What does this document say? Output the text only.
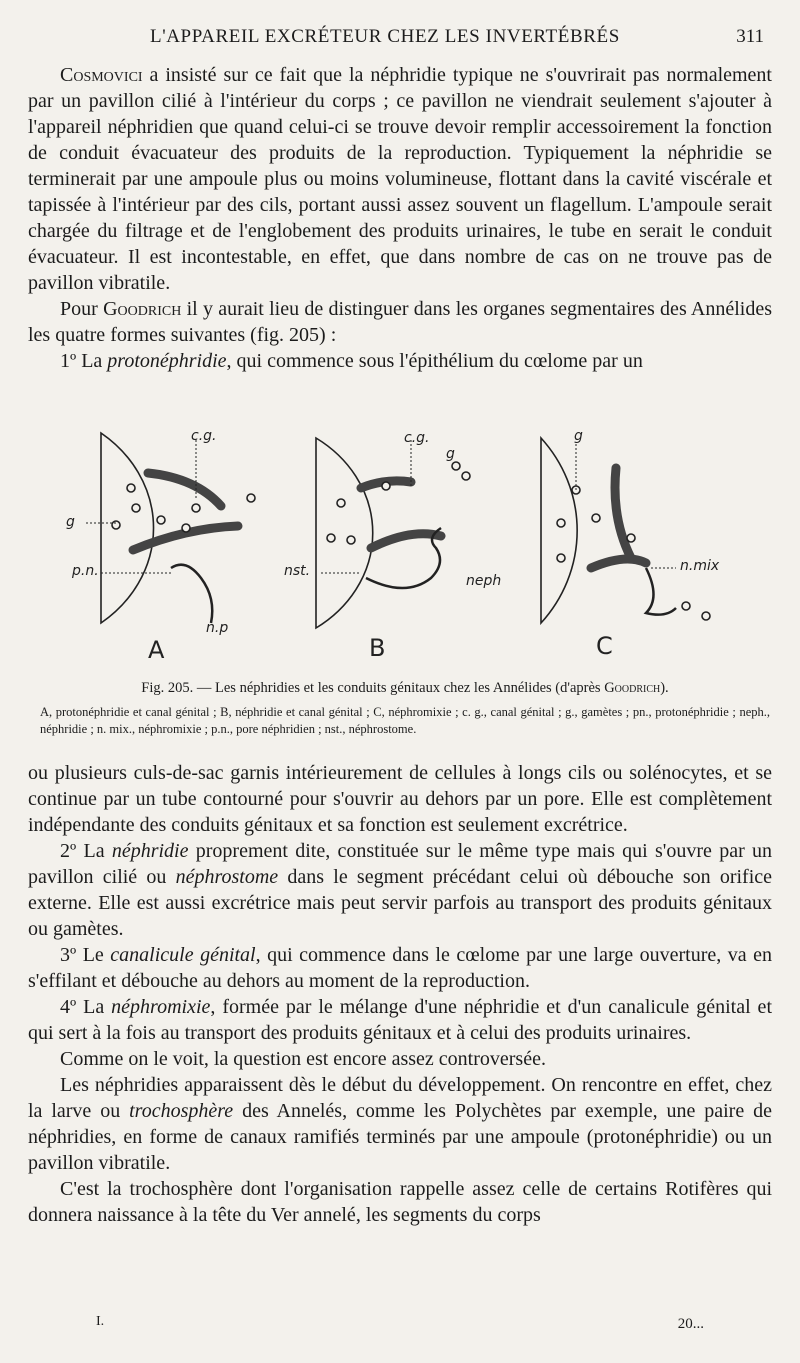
L'APPAREIL EXCRÉTEUR CHEZ LES INVERTÉBRÉS	311

Cosmovici a insisté sur ce fait que la néphridie typique ne s'ouvrirait pas normalement par un pavillon cilié à l'intérieur du corps ; ce pavillon ne viendrait seulement s'ajouter à l'appareil néphridien que quand celui-ci se trouve devoir remplir accessoirement la fonction de conduit évacuateur des produits de la reproduction. Typiquement la néphridie se terminerait par une ampoule plus ou moins volumineuse, flottant dans la cavité viscérale et tapissée à l'intérieur par des cils, portant aussi assez souvent un flagellum. L'ampoule serait chargée du filtrage et de l'englobement des produits urinaires, le tube en serait le conduit évacuateur. Il est incontestable, en effet, que dans nombre de cas on ne trouve pas de pavillon vibratile.

Pour Goodrich il y aurait lieu de distinguer dans les organes segmentaires des Annélides les quatre formes suivantes (fig. 205) :

1º La protonéphridie, qui commence sous l'épithélium du cœlome par un

c.g.
g
p.n.
n.p
c.g.
g
nst.
neph
g
n.mix
A	B	C
Fig. 205. — Les néphridies et les conduits génitaux chez les Annélides (d'après Goodrich).
A, protonéphridie et canal génital ; B, néphridie et canal génital ; C, néphromixie ; c. g., canal génital ; g., gamètes ; pn., protonéphridie ; neph., néphridie ; n. mix., néphromixie ; p.n., pore néphridien ; nst., néphrostome.

ou plusieurs culs-de-sac garnis intérieurement de cellules à longs cils ou solénocytes, et se continue par un tube contourné pour s'ouvrir au dehors par un pore. Elle est complètement indépendante des conduits génitaux et sa fonction est seulement excrétrice.

2º La néphridie proprement dite, constituée sur le même type mais qui s'ouvre par un pavillon cilié ou néphrostome dans le segment précédant celui où débouche son orifice externe. Elle est aussi excrétrice mais peut servir parfois au transport des produits génitaux ou gamètes.

3º Le canalicule génital, qui commence dans le cœlome par une large ouverture, va en s'effilant et débouche au dehors au moment de la reproduction.

4º La néphromixie, formée par le mélange d'une néphridie et d'un canalicule génital et qui sert à la fois au transport des produits génitaux et à celui des produits urinaires.

Comme on le voit, la question est encore assez controversée.

Les néphridies apparaissent dès le début du développement. On rencontre en effet, chez la larve ou trochosphère des Annelés, comme les Polychètes par exemple, une paire de néphridies, en forme de canaux ramifiés terminés par une ampoule (protonéphridie) ou un pavillon vibratile.

C'est la trochosphère dont l'organisation rappelle assez celle de certains Rotifères qui donnera naissance à la tête du Ver annelé, les segments du corps

I.	20...
